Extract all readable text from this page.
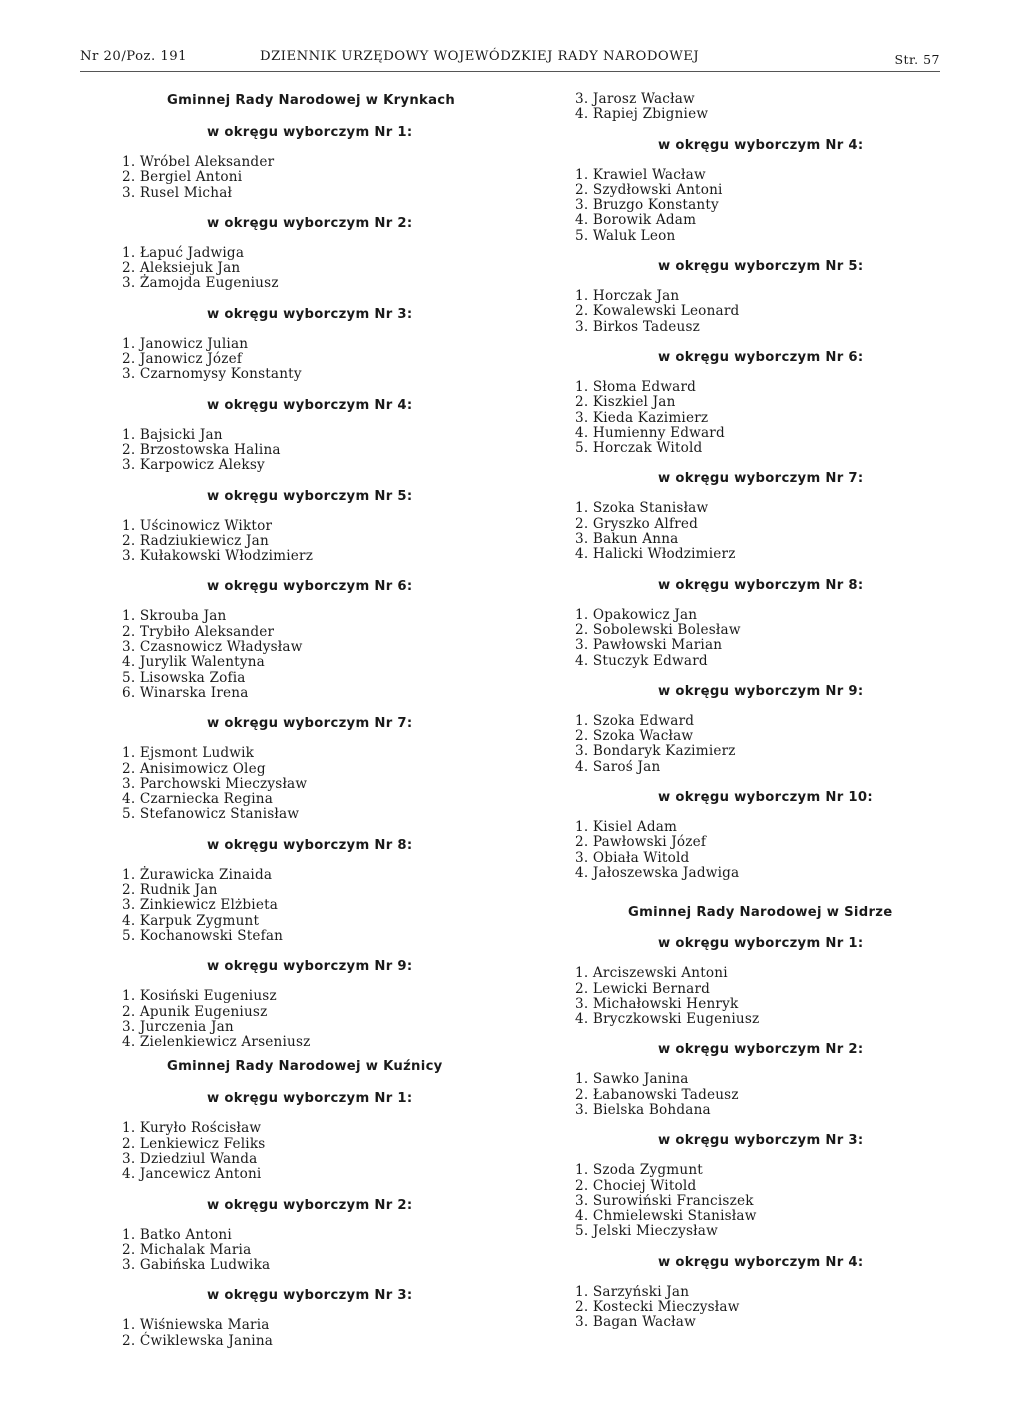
Nr 20/Poz. 191	DZIENNIK URZĘDOWY WOJEWÓDZKIEJ RADY NARODOWEJ	Str. 57
Gminnej Rady Narodowej w Krynkach
w okręgu wyborczym Nr 1:
1. Wróbel Aleksander
2. Bergiel Antoni
3. Rusel Michał
w okręgu wyborczym Nr 2:
1. Łapuć Jadwiga
2. Aleksiejuk Jan
3. Żamojda Eugeniusz
w okręgu wyborczym Nr 3:
1. Janowicz Julian
2. Janowicz Józef
3. Czarnomysy Konstanty
w okręgu wyborczym Nr 4:
1. Bajsicki Jan
2. Brzostowska Halina
3. Karpowicz Aleksy
w okręgu wyborczym Nr 5:
1. Uścinowicz Wiktor
2. Radziukiewicz Jan
3. Kułakowski Włodzimierz
w okręgu wyborczym Nr 6:
1. Skrouba Jan
2. Trybiło Aleksander
3. Czasnowicz Władysław
4. Jurylik Walentyna
5. Lisowska Zofia
6. Winarska Irena
w okręgu wyborczym Nr 7:
1. Ejsmont Ludwik
2. Anisimowicz Oleg
3. Parchowski Mieczysław
4. Czarniecka Regina
5. Stefanowicz Stanisław
w okręgu wyborczym Nr 8:
1. Żurawicka Zinaida
2. Rudnik Jan
3. Zinkiewicz Elżbieta
4. Karpuk Zygmunt
5. Kochanowski Stefan
w okręgu wyborczym Nr 9:
1. Kosiński Eugeniusz
2. Apunik Eugeniusz
3. Jurczenia Jan
4. Zielenkiewicz Arseniusz
Gminnej Rady Narodowej w Kuźnicy
w okręgu wyborczym Nr 1:
1. Kuryło Rościsław
2. Lenkiewicz Feliks
3. Dziedziul Wanda
4. Jancewicz Antoni
w okręgu wyborczym Nr 2:
1. Batko Antoni
2. Michalak Maria
3. Gabińska Ludwika
w okręgu wyborczym Nr 3:
1. Wiśniewska Maria
2. Ćwiklewska Janina
3. Jarosz Wacław
4. Rapiej Zbigniew
w okręgu wyborczym Nr 4:
1. Krawiel Wacław
2. Szydłowski Antoni
3. Bruzgo Konstanty
4. Borowik Adam
5. Waluk Leon
w okręgu wyborczym Nr 5:
1. Horczak Jan
2. Kowalewski Leonard
3. Birkos Tadeusz
w okręgu wyborczym Nr 6:
1. Słoma Edward
2. Kiszkiel Jan
3. Kieda Kazimierz
4. Humienny Edward
5. Horczak Witold
w okręgu wyborczym Nr 7:
1. Szoka Stanisław
2. Gryszko Alfred
3. Bakun Anna
4. Halicki Włodzimierz
w okręgu wyborczym Nr 8:
1. Opakowicz Jan
2. Sobolewski Bolesław
3. Pawłowski Marian
4. Stuczyk Edward
w okręgu wyborczym Nr 9:
1. Szoka Edward
2. Szoka Wacław
3. Bondaryk Kazimierz
4. Saroś Jan
w okręgu wyborczym Nr 10:
1. Kisiel Adam
2. Pawłowski Józef
3. Obiała Witold
4. Jałoszewska Jadwiga
Gminnej Rady Narodowej w Sidrze
w okręgu wyborczym Nr 1:
1. Arciszewski Antoni
2. Lewicki Bernard
3. Michałowski Henryk
4. Bryczkowski Eugeniusz
w okręgu wyborczym Nr 2:
1. Sawko Janina
2. Łabanowski Tadeusz
3. Bielska Bohdana
w okręgu wyborczym Nr 3:
1. Szoda Zygmunt
2. Chociej Witold
3. Surowiński Franciszek
4. Chmielewski Stanisław
5. Jelski Mieczysław
w okręgu wyborczym Nr 4:
1. Sarzyński Jan
2. Kostecki Mieczysław
3. Bagan Wacław
